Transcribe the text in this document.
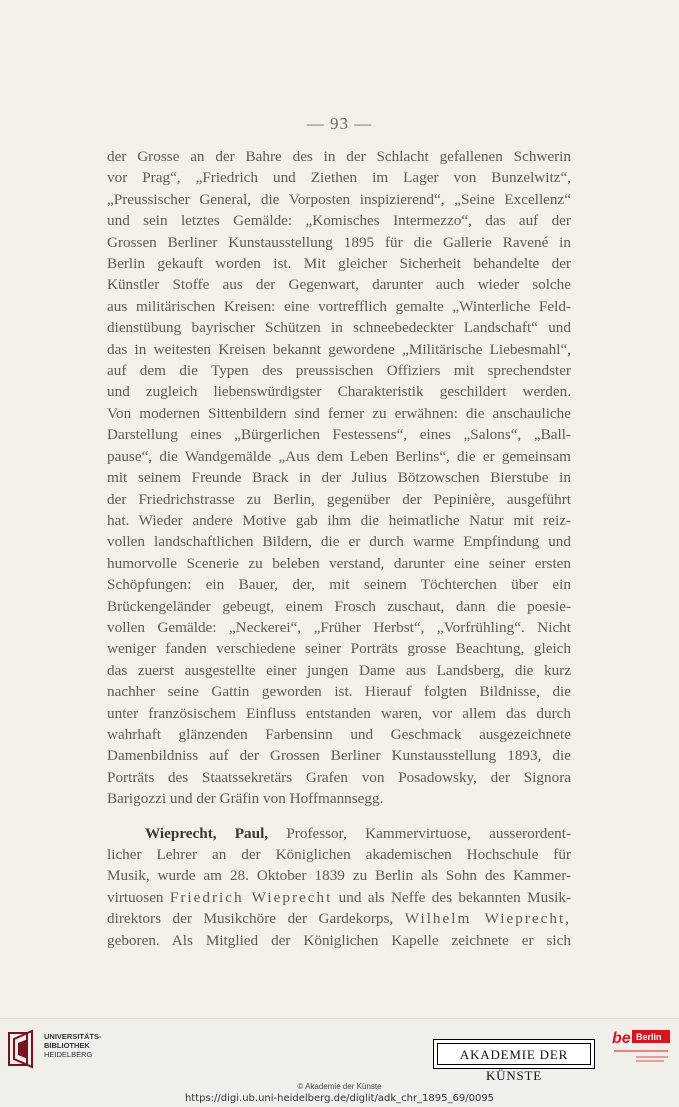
— 93 —
der Grosse an der Bahre des in der Schlacht gefallenen Schwerin
vor Prag“, „Friedrich und Ziethen im Lager von Bunzelwitz“,
„Preussischer General, die Vorposten inspizierend“, „Seine Excellenz“
und sein letztes Gemälde: „Komisches Intermezzo“, das auf der
Grossen Berliner Kunstausstellung 1895 für die Gallerie Ravené in
Berlin gekauft worden ist. Mit gleicher Sicherheit behandelte der
Künstler Stoffe aus der Gegenwart, darunter auch wieder solche
aus militärischen Kreisen: eine vortrefflich gemalte „Winterliche Feld-
dienstübung bayrischer Schützen in schneebedeckter Landschaft“ und
das in weitesten Kreisen bekannt gewordene „Militärische Liebesmahl“,
auf dem die Typen des preussischen Offiziers mit sprechendster
und zugleich liebenswürdigster Charakteristik geschildert werden.
Von modernen Sittenbildern sind ferner zu erwähnen: die anschauliche
Darstellung eines „Bürgerlichen Festessens“, eines „Salons“, „Ball-
pause“, die Wandgemälde „Aus dem Leben Berlins“, die er gemeinsam
mit seinem Freunde Brack in der Julius Bötzowschen Bierstube in
der Friedrichstrasse zu Berlin, gegenüber der Pepinière, ausgeführt
hat. Wieder andere Motive gab ihm die heimatliche Natur mit reiz-
vollen landschaftlichen Bildern, die er durch warme Empfindung und
humorvolle Scenerie zu beleben verstand, darunter eine seiner ersten
Schöpfungen: ein Bauer, der, mit seinem Töchterchen über ein
Brückengeländer gebeugt, einem Frosch zuschaut, dann die poesie-
vollen Gemälde: „Neckerei“, „Früher Herbst“, „Vorfrühling“. Nicht
weniger fanden verschiedene seiner Porträts grosse Beachtung, gleich
das zuerst ausgestellte einer jungen Dame aus Landsberg, die kurz
nachher seine Gattin geworden ist. Hierauf folgten Bildnisse, die
unter französischem Einfluss entstanden waren, vor allem das durch
wahrhaft glänzenden Farbensinn und Geschmack ausgezeichnete
Damenbildniss auf der Grossen Berliner Kunstausstellung 1893, die
Porträts des Staatssekretärs Grafen von Posadowsky, der Signora
Barigozzi und der Gräfin von Hoffmannsegg.
Wieprecht, Paul, Professor, Kammervirtuose, ausserordent-
licher Lehrer an der Königlichen akademischen Hochschule für
Musik, wurde am 28. Oktober 1839 zu Berlin als Sohn des Kammer-
virtuosen Friedrich Wieprecht und als Neffe des bekannten Musik-
direktors der Musikchöre der Gardekorps, Wilhelm Wieprecht,
geboren. Als Mitglied der Königlichen Kapelle zeichnete er sich
UNIVERSITÄTS-
BIBLIOTHEK
HEIDELBERG	AKADEMIE DER KÜNSTE
be Berlin
© Akademie der Künste
https://digi.ub.uni-heidelberg.de/diglit/adk_chr_1895_69/0095
